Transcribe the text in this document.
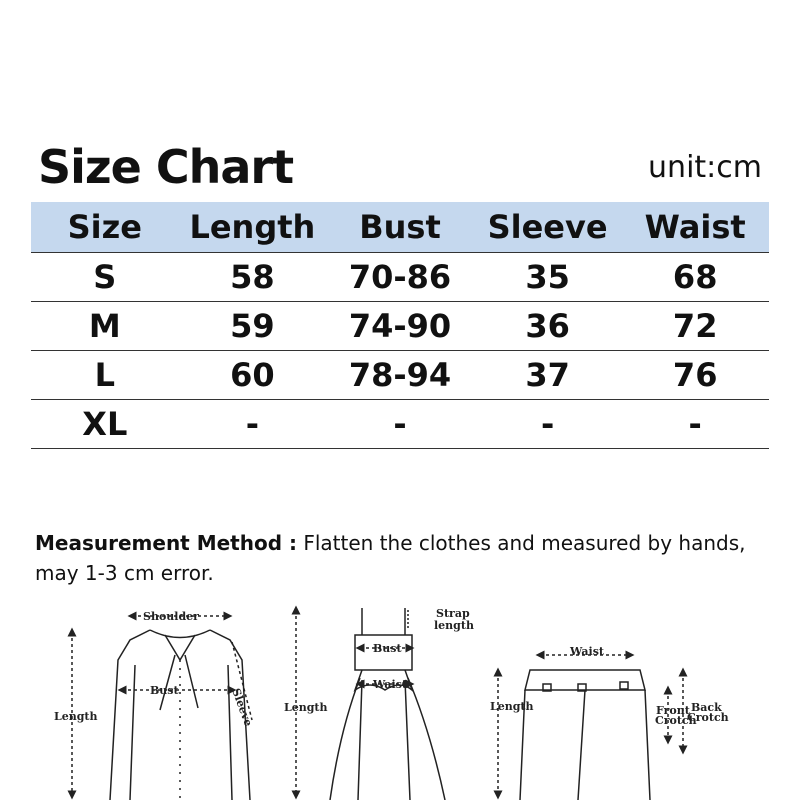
Size Chart	unit:cm
Size	Length	Bust	Sleeve	Waist
S	58	70-86	35	68
M	59	74-90	36	72
L	60	78-94	37	76
XL	-	-	-	-
Measurement Method : Flatten the clothes and measured by hands, may 1-3 cm error.
Shoulder
Bust
Length	Sleeve
Strap
length
Bust
Waist
Length
Waist
Length	Front
Crotch
Back
Crotch
